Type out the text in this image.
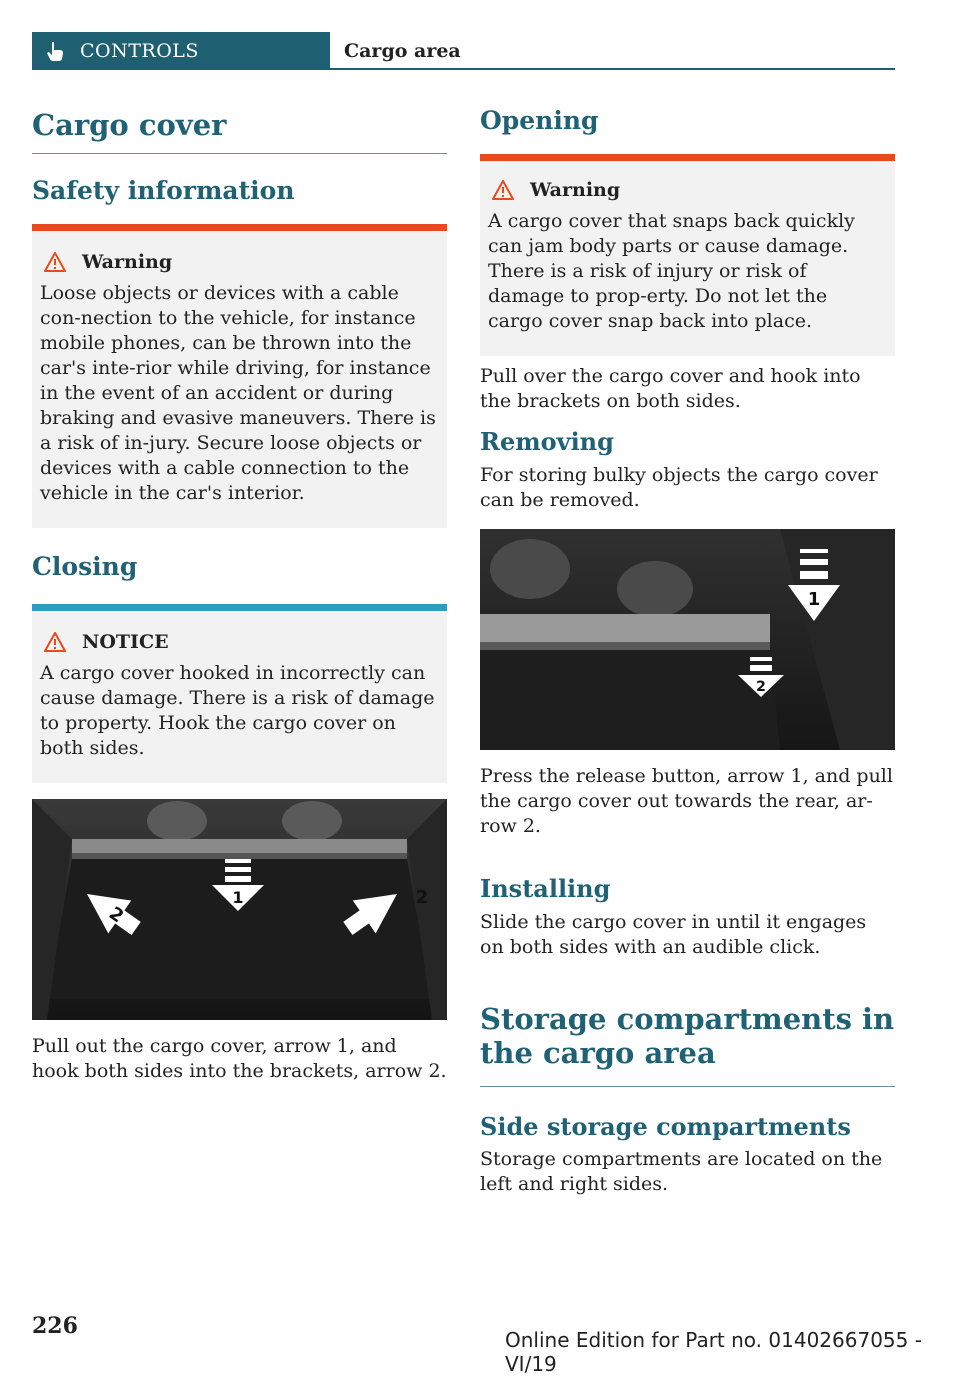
CONTROLS	Cargo area
Cargo cover
Safety information
Warning

Loose objects or devices with a cable con-nection to the vehicle, for instance mobile phones, can be thrown into the car's inte-rior while driving, for instance in the event of an accident or during braking and evasive maneuvers. There is a risk of in-jury. Secure loose objects or devices with a cable connection to the vehicle in the car's interior.

Closing
NOTICE

A cargo cover hooked in incorrectly can cause damage. There is a risk of damage to property. Hook the cargo cover on both sides.

1
2
2

Pull out the cargo cover, arrow 1, and hook both sides into the brackets, arrow 2.

Opening
Warning

A cargo cover that snaps back quickly can jam body parts or cause damage. There is a risk of injury or risk of damage to prop-erty. Do not let the cargo cover snap back into place.

Pull over the cargo cover and hook into the brackets on both sides.

Removing

For storing bulky objects the cargo cover can be removed.

1
2

Press the release button, arrow 1, and pull the cargo cover out towards the rear, ar-row 2.

Installing

Slide the cargo cover in until it engages on both sides with an audible click.

Storage compartments in the cargo area
Side storage compartments

Storage compartments are located on the left and right sides.

226
Online Edition for Part no. 01402667055 - VI/19
